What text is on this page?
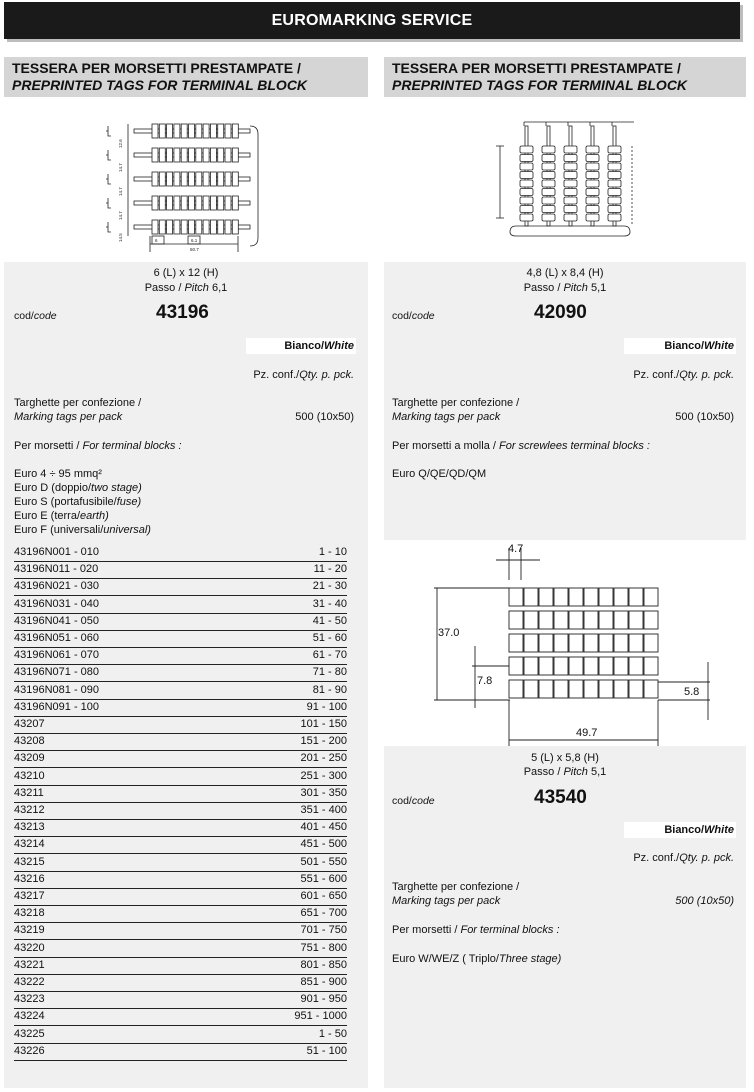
EUROMARKING SERVICE
TESSERA PER MORSETTI PRESTAMPATE /
PREPRINTED TAGS FOR TERMINAL BLOCK
TESSERA PER MORSETTI PRESTAMPATE /
PREPRINTED TAGS FOR TERMINAL BLOCK
12.6
14.7
14.7
14.7
14.5	6	6.1
60.7
6 (L) x 12 (H)
Passo / Pitch 6,1
cod/code	43196
Bianco/White
Pz. conf./Qty. p. pck.
Targhette per confezione /
Marking tags per pack	500 (10x50)
Per morsetti / For terminal blocks :
Euro 4 ÷ 95 mmq²
Euro D (doppio/two stage)
Euro S (portafusibile/fuse)
Euro E (terra/earth)
Euro F (universali/universal)
43196N001 - 010	1 - 10
43196N011 - 020	11 - 20
43196N021 - 030	21 - 30
43196N031 - 040	31 - 40
43196N041 - 050	41 - 50
43196N051 - 060	51 - 60
43196N061 - 070	61 - 70
43196N071 - 080	71 - 80
43196N081 - 090	81 - 90
43196N091 - 100	91 - 100
43207	101 - 150
43208	151 - 200
43209	201 - 250
43210	251 - 300
43211	301 - 350
43212	351 - 400
43213	401 - 450
43214	451 - 500
43215	501 - 550
43216	551 - 600
43217	601 - 650
43218	651 - 700
43219	701 - 750
43220	751 - 800
43221	801 - 850
43222	851 - 900
43223	901 - 950
43224	951 - 1000
43225	1 - 50
43226	51 - 100
4,8 (L) x 8,4 (H)
Passo / Pitch 5,1
cod/code	42090
Bianco/White
Pz. conf./Qty. p. pck.
Targhette per confezione /
Marking tags per pack	500 (10x50)
Per morsetti a molla / For screwlees terminal blocks :
Euro Q/QE/QD/QM
4.7
37.0
7.8
5.8
49.7
5 (L) x 5,8 (H)
Passo / Pitch 5,1
cod/code	43540
Bianco/White
Pz. conf./Qty. p. pck.
Targhette per confezione /
Marking tags per pack	500 (10x50)
Per morsetti / For terminal blocks :
Euro W/WE/Z ( Triplo/Three stage)
